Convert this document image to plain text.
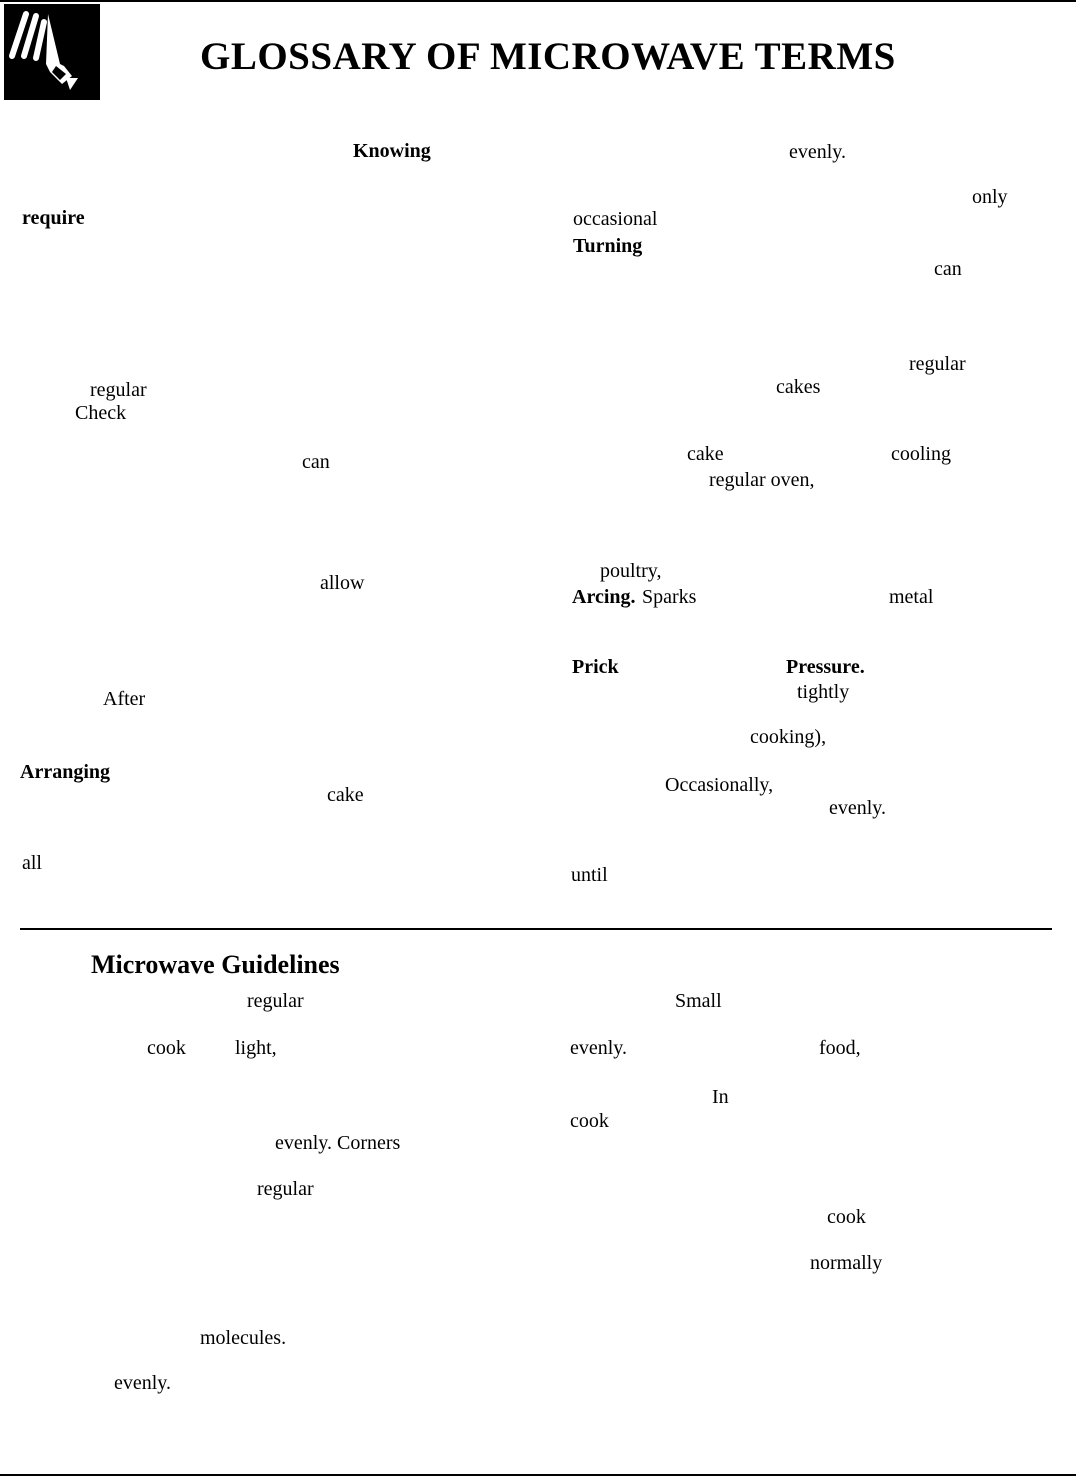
GLOSSARY OF MICROWAVE TERMS
Knowing
require
regular
Check
can
allow
After
Arranging
cake
all
evenly.
only
occasional
Turning
can
regular
cakes
cake	cooling
regular oven,
poultry,
Arcing. Sparks	metal
Prick	Pressure.
tightly
cooking),
Occasionally,
evenly.
until
Microwave Guidelines
regular
cook light,
evenly. Corners
regular
molecules.
evenly.
Small
evenly.	food,
In
cook
cook
normally
